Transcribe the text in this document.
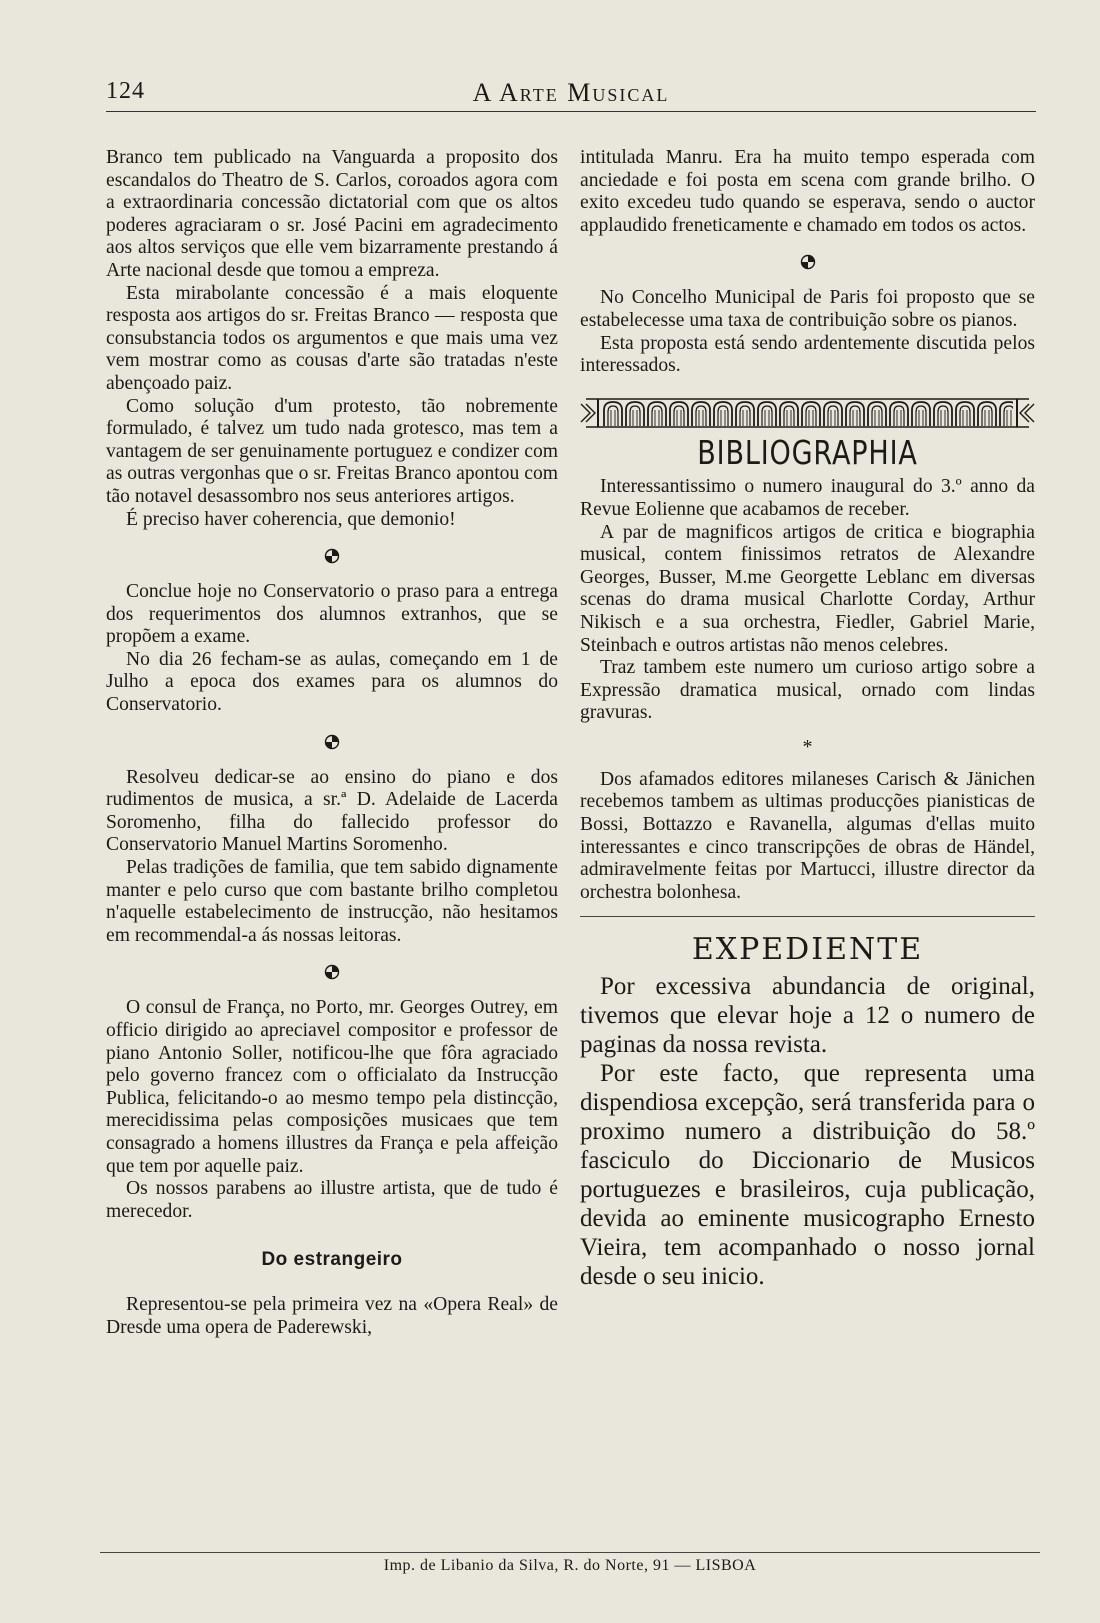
124	A Arte Musical

Branco tem publicado na Vanguarda a proposito dos escandalos do Theatro de S. Carlos, coroados agora com a extraordinaria concessão dictatorial com que os altos poderes agraciaram o sr. José Pacini em agradecimento aos altos serviços que elle vem bizarramente prestando á Arte nacional desde que tomou a empreza.

Esta mirabolante concessão é a mais eloquente resposta aos artigos do sr. Freitas Branco — resposta que consubstancia todos os argumentos e que mais uma vez vem mostrar como as cousas d'arte são tratadas n'este abençoado paiz.

Como solução d'um protesto, tão nobremente formulado, é talvez um tudo nada grotesco, mas tem a vantagem de ser genuinamente portuguez e condizer com as outras vergonhas que o sr. Freitas Branco apontou com tão notavel desassombro nos seus anteriores artigos.

É preciso haver coherencia, que demonio!

Conclue hoje no Conservatorio o praso para a entrega dos requerimentos dos alumnos extranhos, que se propõem a exame.

No dia 26 fecham-se as aulas, começando em 1 de Julho a epoca dos exames para os alumnos do Conservatorio.

Resolveu dedicar-se ao ensino do piano e dos rudimentos de musica, a sr.ª D. Adelaide de Lacerda Soromenho, filha do fallecido professor do Conservatorio Manuel Martins Soromenho.

Pelas tradições de familia, que tem sabido dignamente manter e pelo curso que com bastante brilho completou n'aquelle estabelecimento de instrucção, não hesitamos em recommendal-a ás nossas leitoras.

O consul de França, no Porto, mr. Georges Outrey, em officio dirigido ao apreciavel compositor e professor de piano Antonio Soller, notificou-lhe que fôra agraciado pelo governo francez com o officialato da Instrucção Publica, felicitando-o ao mesmo tempo pela distincção, merecidissima pelas composições musicaes que tem consagrado a homens illustres da França e pela affeição que tem por aquelle paiz.

Os nossos parabens ao illustre artista, que de tudo é merecedor.

Do estrangeiro

Representou-se pela primeira vez na «Opera Real» de Dresde uma opera de Paderewski,

intitulada Manru. Era ha muito tempo esperada com anciedade e foi posta em scena com grande brilho. O exito excedeu tudo quando se esperava, sendo o auctor applaudido freneticamente e chamado em todos os actos.

No Concelho Municipal de Paris foi proposto que se estabelecesse uma taxa de contribuição sobre os pianos.

Esta proposta está sendo ardentemente discutida pelos interessados.

BIBLIOGRAPHIA

Interessantissimo o numero inaugural do 3.º anno da Revue Eolienne que acabamos de receber.

A par de magnificos artigos de critica e biographia musical, contem finissimos retratos de Alexandre Georges, Busser, M.me Georgette Leblanc em diversas scenas do drama musical Charlotte Corday, Arthur Nikisch e a sua orchestra, Fiedler, Gabriel Marie, Steinbach e outros artistas não menos celebres.

Traz tambem este numero um curioso artigo sobre a Expressão dramatica musical, ornado com lindas gravuras.

*

Dos afamados editores milaneses Carisch & Jänichen recebemos tambem as ultimas producções pianisticas de Bossi, Bottazzo e Ravanella, algumas d'ellas muito interessantes e cinco transcripções de obras de Händel, admiravelmente feitas por Martucci, illustre director da orchestra bolonhesa.

EXPEDIENTE

Por excessiva abundancia de original, tivemos que elevar hoje a 12 o numero de paginas da nossa revista.

Por este facto, que representa uma dispendiosa excepção, será transferida para o proximo numero a distribuição do 58.º fasciculo do Diccionario de Musicos portuguezes e brasileiros, cuja publicação, devida ao eminente musicographo Ernesto Vieira, tem acompanhado o nosso jornal desde o seu inicio.

Imp. de Libanio da Silva, R. do Norte, 91 — LISBOA
